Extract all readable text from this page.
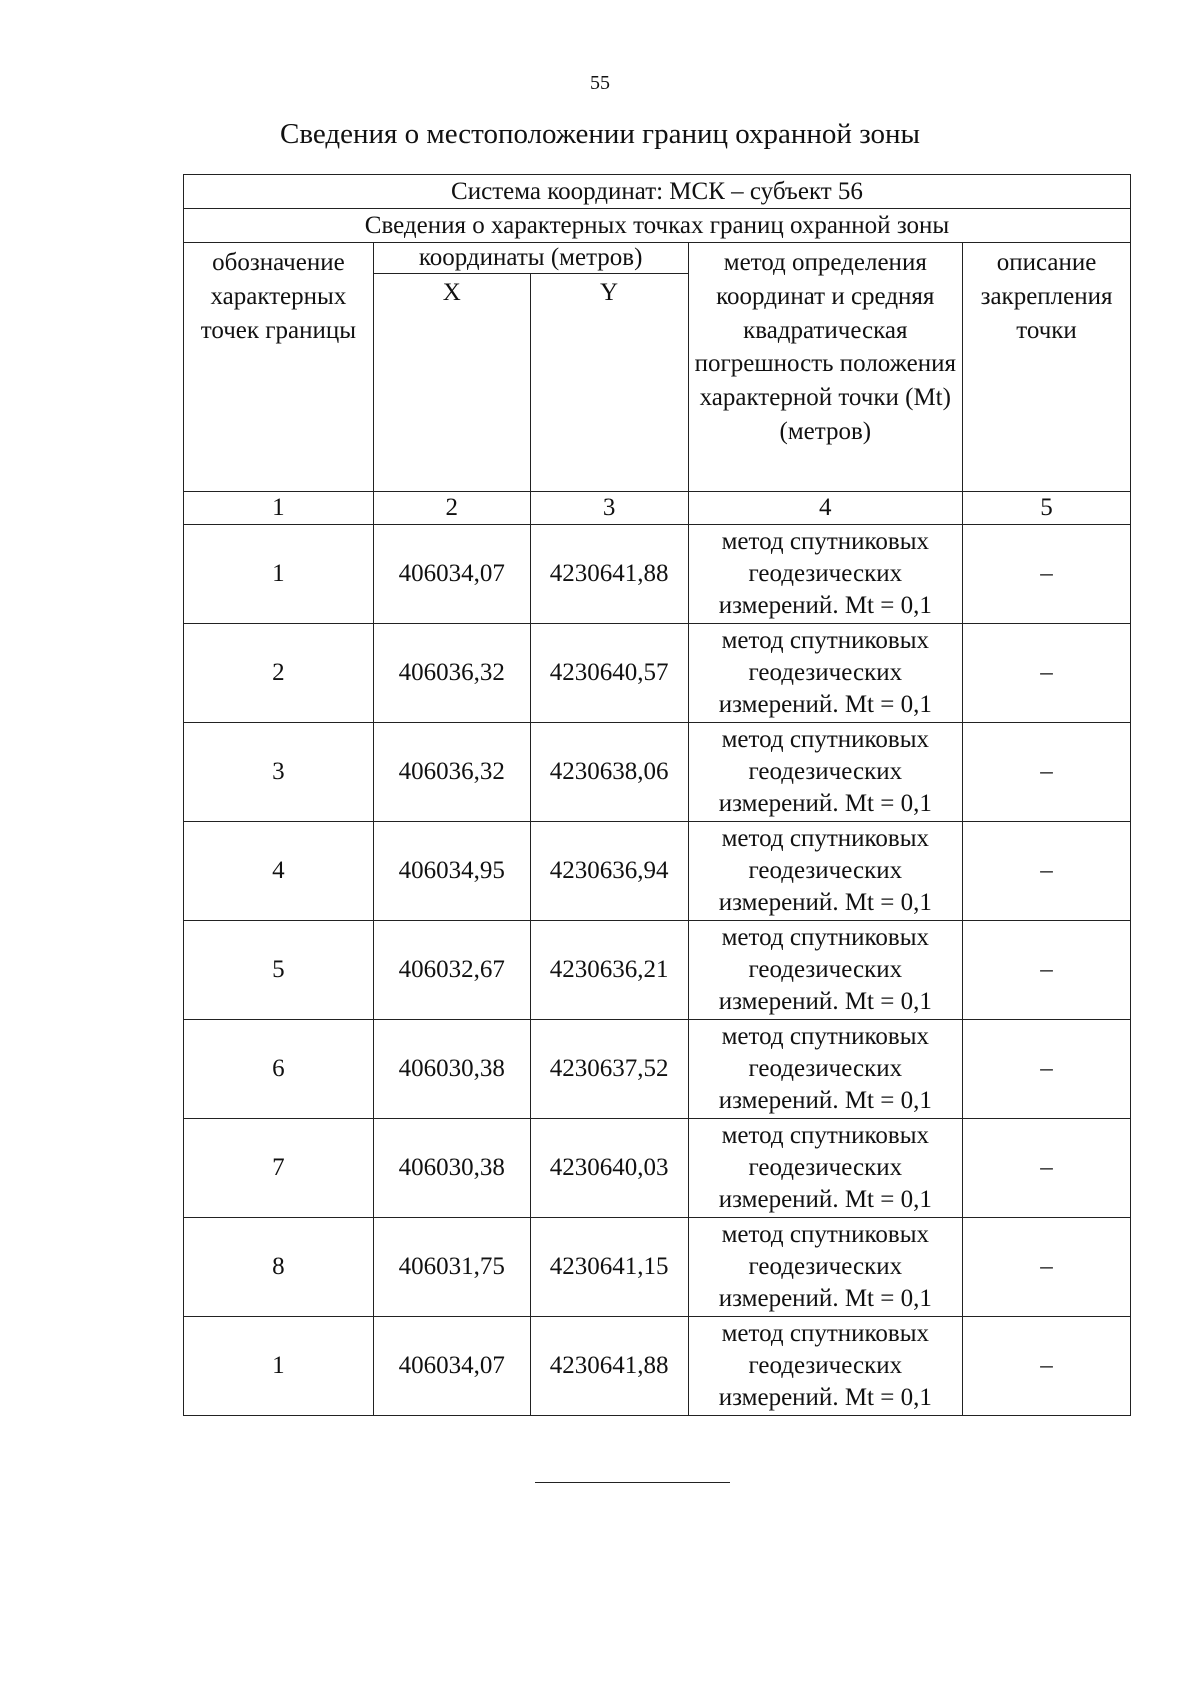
55
Сведения о местоположении границ охранной зоны
Система координат: МСК – субъект 56				
Сведения о характерных точках границ охранной зоны				
обозначение характерных точек границы	координаты (метров)		метод определения координат и средняя квадратическая погрешность положения характерной точки (Mt) (метров)	описание закрепления точки
	X	Y		
1	2	3	4	5
1	406034,07	4230641,88	метод спутниковых геодезических измерений. Mt = 0,1	–
2	406036,32	4230640,57	метод спутниковых геодезических измерений. Mt = 0,1	–
3	406036,32	4230638,06	метод спутниковых геодезических измерений. Mt = 0,1	–
4	406034,95	4230636,94	метод спутниковых геодезических измерений. Mt = 0,1	–
5	406032,67	4230636,21	метод спутниковых геодезических измерений. Mt = 0,1	–
6	406030,38	4230637,52	метод спутниковых геодезических измерений. Mt = 0,1	–
7	406030,38	4230640,03	метод спутниковых геодезических измерений. Mt = 0,1	–
8	406031,75	4230641,15	метод спутниковых геодезических измерений. Mt = 0,1	–
1	406034,07	4230641,88	метод спутниковых геодезических измерений. Mt = 0,1	–
